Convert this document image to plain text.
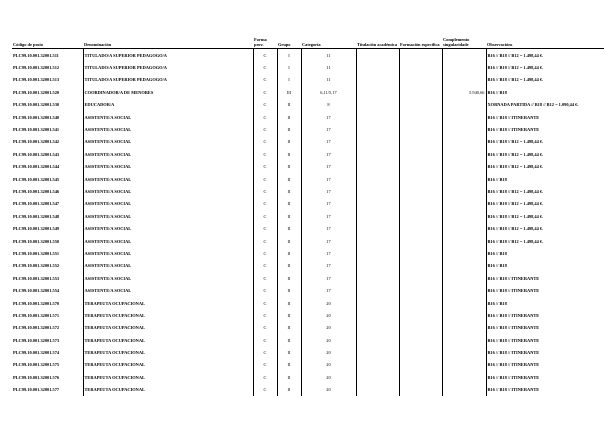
Código de posto	Denominación	Forma prov.	Grupo	Categoría	Titulación académica	Formación específica	Complemento singularidade	Observacións
PLC99.10.001.32001.511	TITULADO/A SUPERIOR PEDAGOGO/A	C	I	11				B16 // B18 // B12 = 1.498,44 €.
PLC99.10.001.32001.512	TITULADO/A SUPERIOR PEDAGOGO/A	C	I	11				B16 // B18 // B12 = 1.498,44 €.
PLC99.10.001.32001.513	TITULADO/A SUPERIOR PEDAGOGO/A	C	I	11				B16 // B18 // B12 = 1.498,44 €.
PLC99.10.001.32001.520	COORDINADOR/A DE MENORES	C	III	6,11/5,17			5.940,66	B16 // B18
PLC99.10.001.32001.530	EDUCADOR/A	C	II	8				XORNADA PARTIDA // B18 // B12 = 1.090,44 €.
PLC99.10.001.32001.540	ASISTENTE/A SOCIAL	C	II	17				B16 // B18 // ITINERANTE
PLC99.10.001.32001.541	ASISTENTE/A SOCIAL	C	II	17				B16 // B18 // ITINERANTE
PLC99.10.001.32001.542	ASISTENTE/A SOCIAL	C	II	17				B16 // B18 // B12 = 1.498,44 €.
PLC99.10.001.32001.543	ASISTENTE/A SOCIAL	C	II	17				B16 // B18 // B12 = 1.498,44 €.
PLC99.10.001.32001.544	ASISTENTE/A SOCIAL	C	II	17				B16 // B18 // B12 = 1.498,44 €.
PLC99.10.001.32001.545	ASISTENTE/A SOCIAL	C	II	17				B16 // B18
PLC99.10.001.32001.546	ASISTENTE/A SOCIAL	C	II	17				B16 // B18 // B12 = 1.498,44 €.
PLC99.10.001.32001.547	ASISTENTE/A SOCIAL	C	II	17				B16 // B18 // B12 = 1.498,44 €.
PLC99.10.001.32001.548	ASISTENTE/A SOCIAL	C	II	17				B16 // B18 // B12 = 1.498,44 €.
PLC99.10.001.32001.549	ASISTENTE/A SOCIAL	C	II	17				B16 // B18 // B12 = 1.498,44 €.
PLC99.10.001.32001.550	ASISTENTE/A SOCIAL	C	II	17				B16 // B18 // B12 = 1.498,44 €.
PLC99.10.001.32001.551	ASISTENTE/A SOCIAL	C	II	17				B16 // B18
PLC99.10.001.32001.552	ASISTENTE/A SOCIAL	C	II	17				B16 // B18
PLC99.10.001.32001.553	ASISTENTE/A SOCIAL	C	II	17				B16 // B18 // ITINERANTE
PLC99.10.001.32001.554	ASISTENTE/A SOCIAL	C	II	17				B16 // B18 // ITINERANTE
PLC99.10.001.32001.570	TERAPEUTA OCUPACIONAL	C	II	20				B16 // B18
PLC99.10.001.32001.571	TERAPEUTA OCUPACIONAL	C	II	20				B16 // B18 // ITINERANTE
PLC99.10.001.32001.572	TERAPEUTA OCUPACIONAL	C	II	20				B16 // B18 // ITINERANTE
PLC99.10.001.32001.573	TERAPEUTA OCUPACIONAL	C	II	20				B16 // B18 // ITINERANTE
PLC99.10.001.32001.574	TERAPEUTA OCUPACIONAL	C	II	20				B16 // B18 // ITINERANTE
PLC99.10.001.32001.575	TERAPEUTA OCUPACIONAL	C	II	20				B16 // B18 // ITINERANTE
PLC99.10.001.32001.576	TERAPEUTA OCUPACIONAL	C	II	20				B16 // B18 // ITINERANTE
PLC99.10.001.32001.577	TERAPEUTA OCUPACIONAL	C	II	20				B16 // B18 // ITINERANTE
